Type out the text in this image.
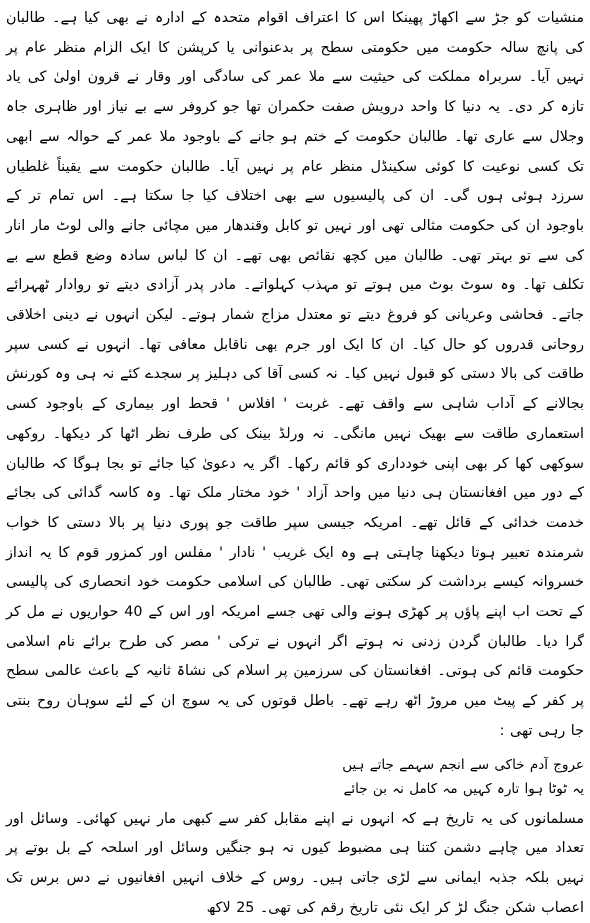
منشیات کو جڑ سے اکھاڑ پھینکا اس کا اعتراف اقوام متحدہ کے ادارہ نے بھی کیا ہے۔ طالبان کی پانچ سالہ حکومت میں حکومتی سطح پر بدعنوانی یا کرپشن کا ایک الزام منظر عام پر نہیں آیا۔ سربراہ مملکت کی حیثیت سے ملا عمر کی سادگی اور وقار نے قرون اولیٰ کی یاد تازہ کر دی۔ یہ دنیا کا واحد درویش صفت حکمران تھا جو کروفر سے بے نیاز اور ظاہری جاہ وجلال سے عاری تھا۔ طالبان حکومت کے ختم ہو جانے کے باوجود ملا عمر کے حوالہ سے ابھی تک کسی نوعیت کا کوئی سکینڈل منظر عام پر نہیں آیا۔ طالبان حکومت سے یقیناً غلطیاں سرزد ہوئی ہوں گی۔ ان کی پالیسیوں سے بھی اختلاف کیا جا سکتا ہے۔ اس تمام تر کے باوجود ان کی حکومت مثالی تھی اور نہیں تو کابل وقندھار میں مچائی جانے والی لوٹ مار انار کی سے تو بہتر تھی۔ طالبان میں کچھ نقائص بھی تھے۔ ان کا لباس سادہ وضع قطع سے بے تکلف تھا۔ وہ سوٹ بوٹ میں ہوتے تو مہذب کہلواتے۔ مادر پدر آزادی دیتے تو روادار ٹھہرائے جاتے۔ فحاشی وعریانی کو فروغ دیتے تو معتدل مزاج شمار ہوتے۔ لیکن انہوں نے دینی اخلاقی روحانی قدروں کو حال کیا۔ ان کا ایک اور جرم بھی ناقابل معافی تھا۔ انہوں نے کسی سپر طاقت کی بالا دستی کو قبول نہیں کیا۔ نہ کسی آقا کی دہلیز پر سجدے کئے نہ ہی وہ کورنش بجالانے کے آداب شاہی سے واقف تھے۔ غربت ' افلاس ' قحط اور بیماری کے باوجود کسی استعماری طاقت سے بھیک نہیں مانگی۔ نہ ورلڈ بینک کی طرف نظر اٹھا کر دیکھا۔ روکھی سوکھی کھا کر بھی اپنی خودداری کو قائم رکھا۔ اگر یہ دعویٰ کیا جائے تو بجا ہوگا کہ طالبان کے دور میں افغانستان ہی دنیا میں واحد آزاد ' خود مختار ملک تھا۔ وہ کاسہ گدائی کی بجائے خدمت خدائی کے قائل تھے۔ امریکہ جیسی سپر طاقت جو پوری دنیا پر بالا دستی کا خواب شرمندہ تعبیر ہوتا دیکھنا چاہتی ہے وہ ایک غریب ' نادار ' مفلس اور کمزور قوم کا یہ انداز خسروانہ کیسے برداشت کر سکتی تھی۔ طالبان کی اسلامی حکومت خود انحصاری کی پالیسی کے تحت اب اپنے پاؤں پر کھڑی ہونے والی تھی جسے امریکہ اور اس کے 40 حواریوں نے مل کر گرا دیا۔ طالبان گردن زدنی نہ ہوتے اگر انہوں نے ترکی ' مصر کی طرح برائے نام اسلامی حکومت قائم کی ہوتی۔ افغانستان کی سرزمین پر اسلام کی نشاۃ ثانیہ کے باعث عالمی سطح پر کفر کے پیٹ میں مروڑ اٹھ رہے تھے۔ باطل قوتوں کی یہ سوچ ان کے لئے سوہان روح بنتی جا رہی تھی :

عروج آدم خاکی سے انجم سہمے جاتے ہیں
یہ ٹوٹا ہوا تارہ کہیں مہ کامل نہ بن جائے

مسلمانوں کی یہ تاریخ ہے کہ انہوں نے اپنے مقابل کفر سے کبھی مار نہیں کھائی۔ وسائل اور تعداد میں چاہے دشمن کتنا ہی مضبوط کیوں نہ ہو جنگیں وسائل اور اسلحہ کے بل بوتے پر نہیں بلکہ جذبہ ایمانی سے لڑی جاتی ہیں۔ روس کے خلاف انہیں افغانیوں نے دس برس تک اعصاب شکن جنگ لڑ کر ایک نئی تاریخ رقم کی تھی۔ 25 لاکھ
